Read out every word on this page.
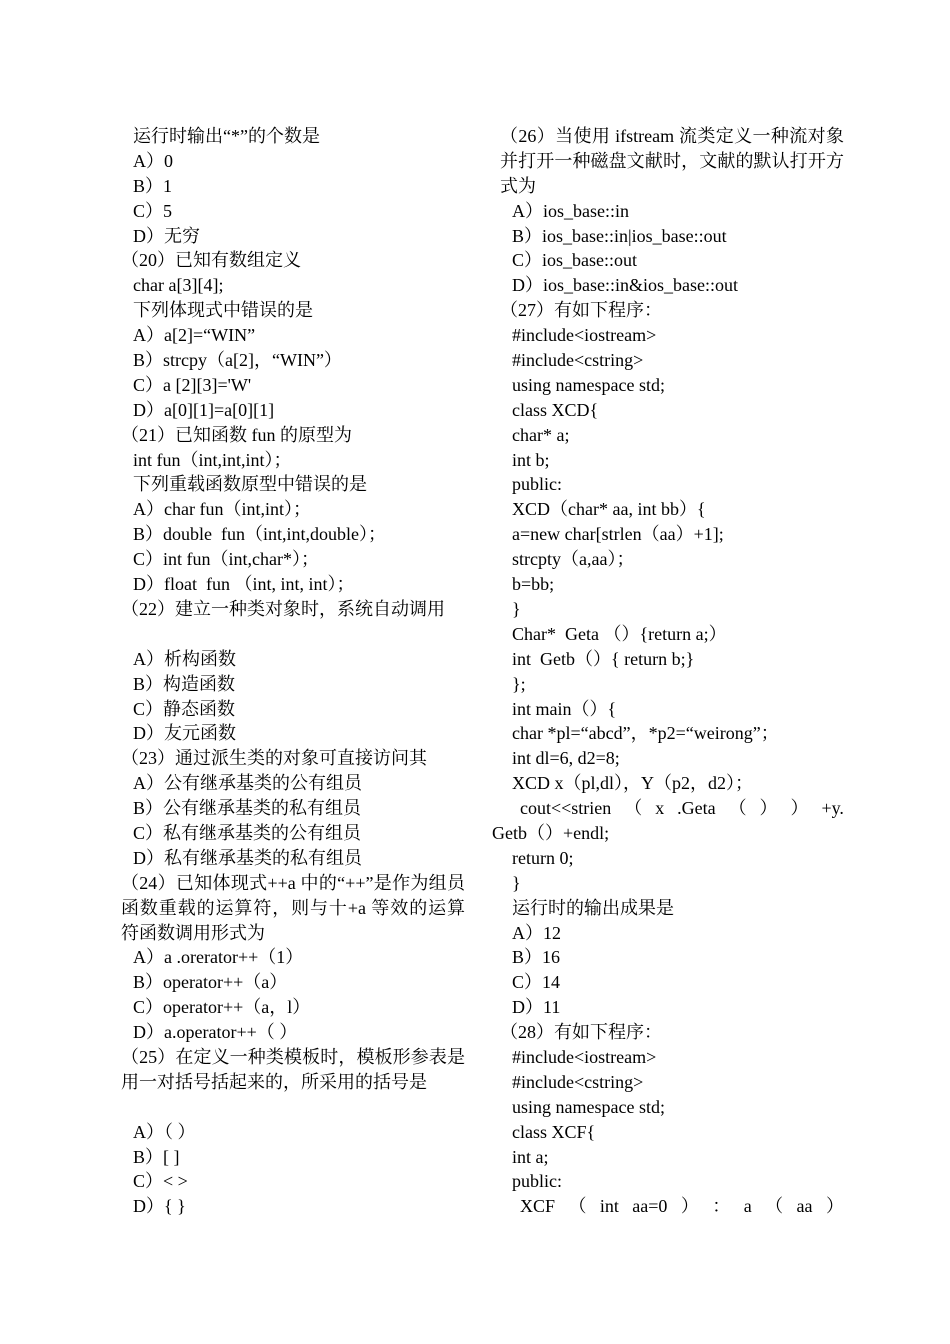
运行时输出“*”的个数是
A）0
B）1
C）5
D）无穷
（20）已知有数组定义
char a[3][4];
下列体现式中错误的是
A）a[2]=“WIN”
B）strcpy（a[2]，“WIN”）
C）a [2][3]='W'
D）a[0][1]=a[0][1]
（21）已知函数 fun 的原型为
int fun（int,int,int）；
下列重载函数原型中错误的是
A）char fun（int,int）；
B）double  fun（int,int,double）；
C）int fun（int,char*）；
D）float  fun （int, int, int）；
（22）建立一种类对象时，系统自动调用
A）析构函数
B）构造函数
C）静态函数
D）友元函数
（23）通过派生类的对象可直接访问其
A）公有继承基类的公有组员
B）公有继承基类的私有组员
C）私有继承基类的公有组员
D）私有继承基类的私有组员
（24）已知体现式++a 中的“++”是作为组员函数重载的运算符，则与十+a 等效的运算符函数调用形式为
A）a .orerator++（1）
B）operator++（a）
C）operator++（a，l）
D）a.operator++（ ）
（25）在定义一种类模板时，模板形参表是用一对括号括起来的，所采用的括号是
A）（ ）
B）[ ]
C）< >
D）{ }
（26）当使用 ifstream 流类定义一种流对象并打开一种磁盘文献时，文献的默认打开方式为
A）ios_base::in
B）ios_base::in|ios_base::out
C）ios_base::out
D）ios_base::in&ios_base::out
（27）有如下程序：
#include<iostream>
#include<cstring>
using namespace std;
class XCD{
char* a;
int b;
public:
XCD（char* aa, int bb）{
a=new char[strlen（aa）+1];
strcpty（a,aa）；
b=bb;
}
Char*  Geta （）{return a;）
int  Getb（）{ return b;}
};
int main（）{
char *pl=“abcd”，*p2=“weirong”；
int dl=6, d2=8;
XCD x（pl,dl），Y（p2，d2）；
cout<<strien （ x .Geta （ ） ） +y.
Getb（）+endl;
return 0;
}
运行时的输出成果是
A）12
B）16
C）14
D）11
（28）有如下程序：
#include<iostream>
#include<cstring>
using namespace std;
class XCF{
int a;
public:
XCF （ int aa=0 ） ： a （ aa ）
